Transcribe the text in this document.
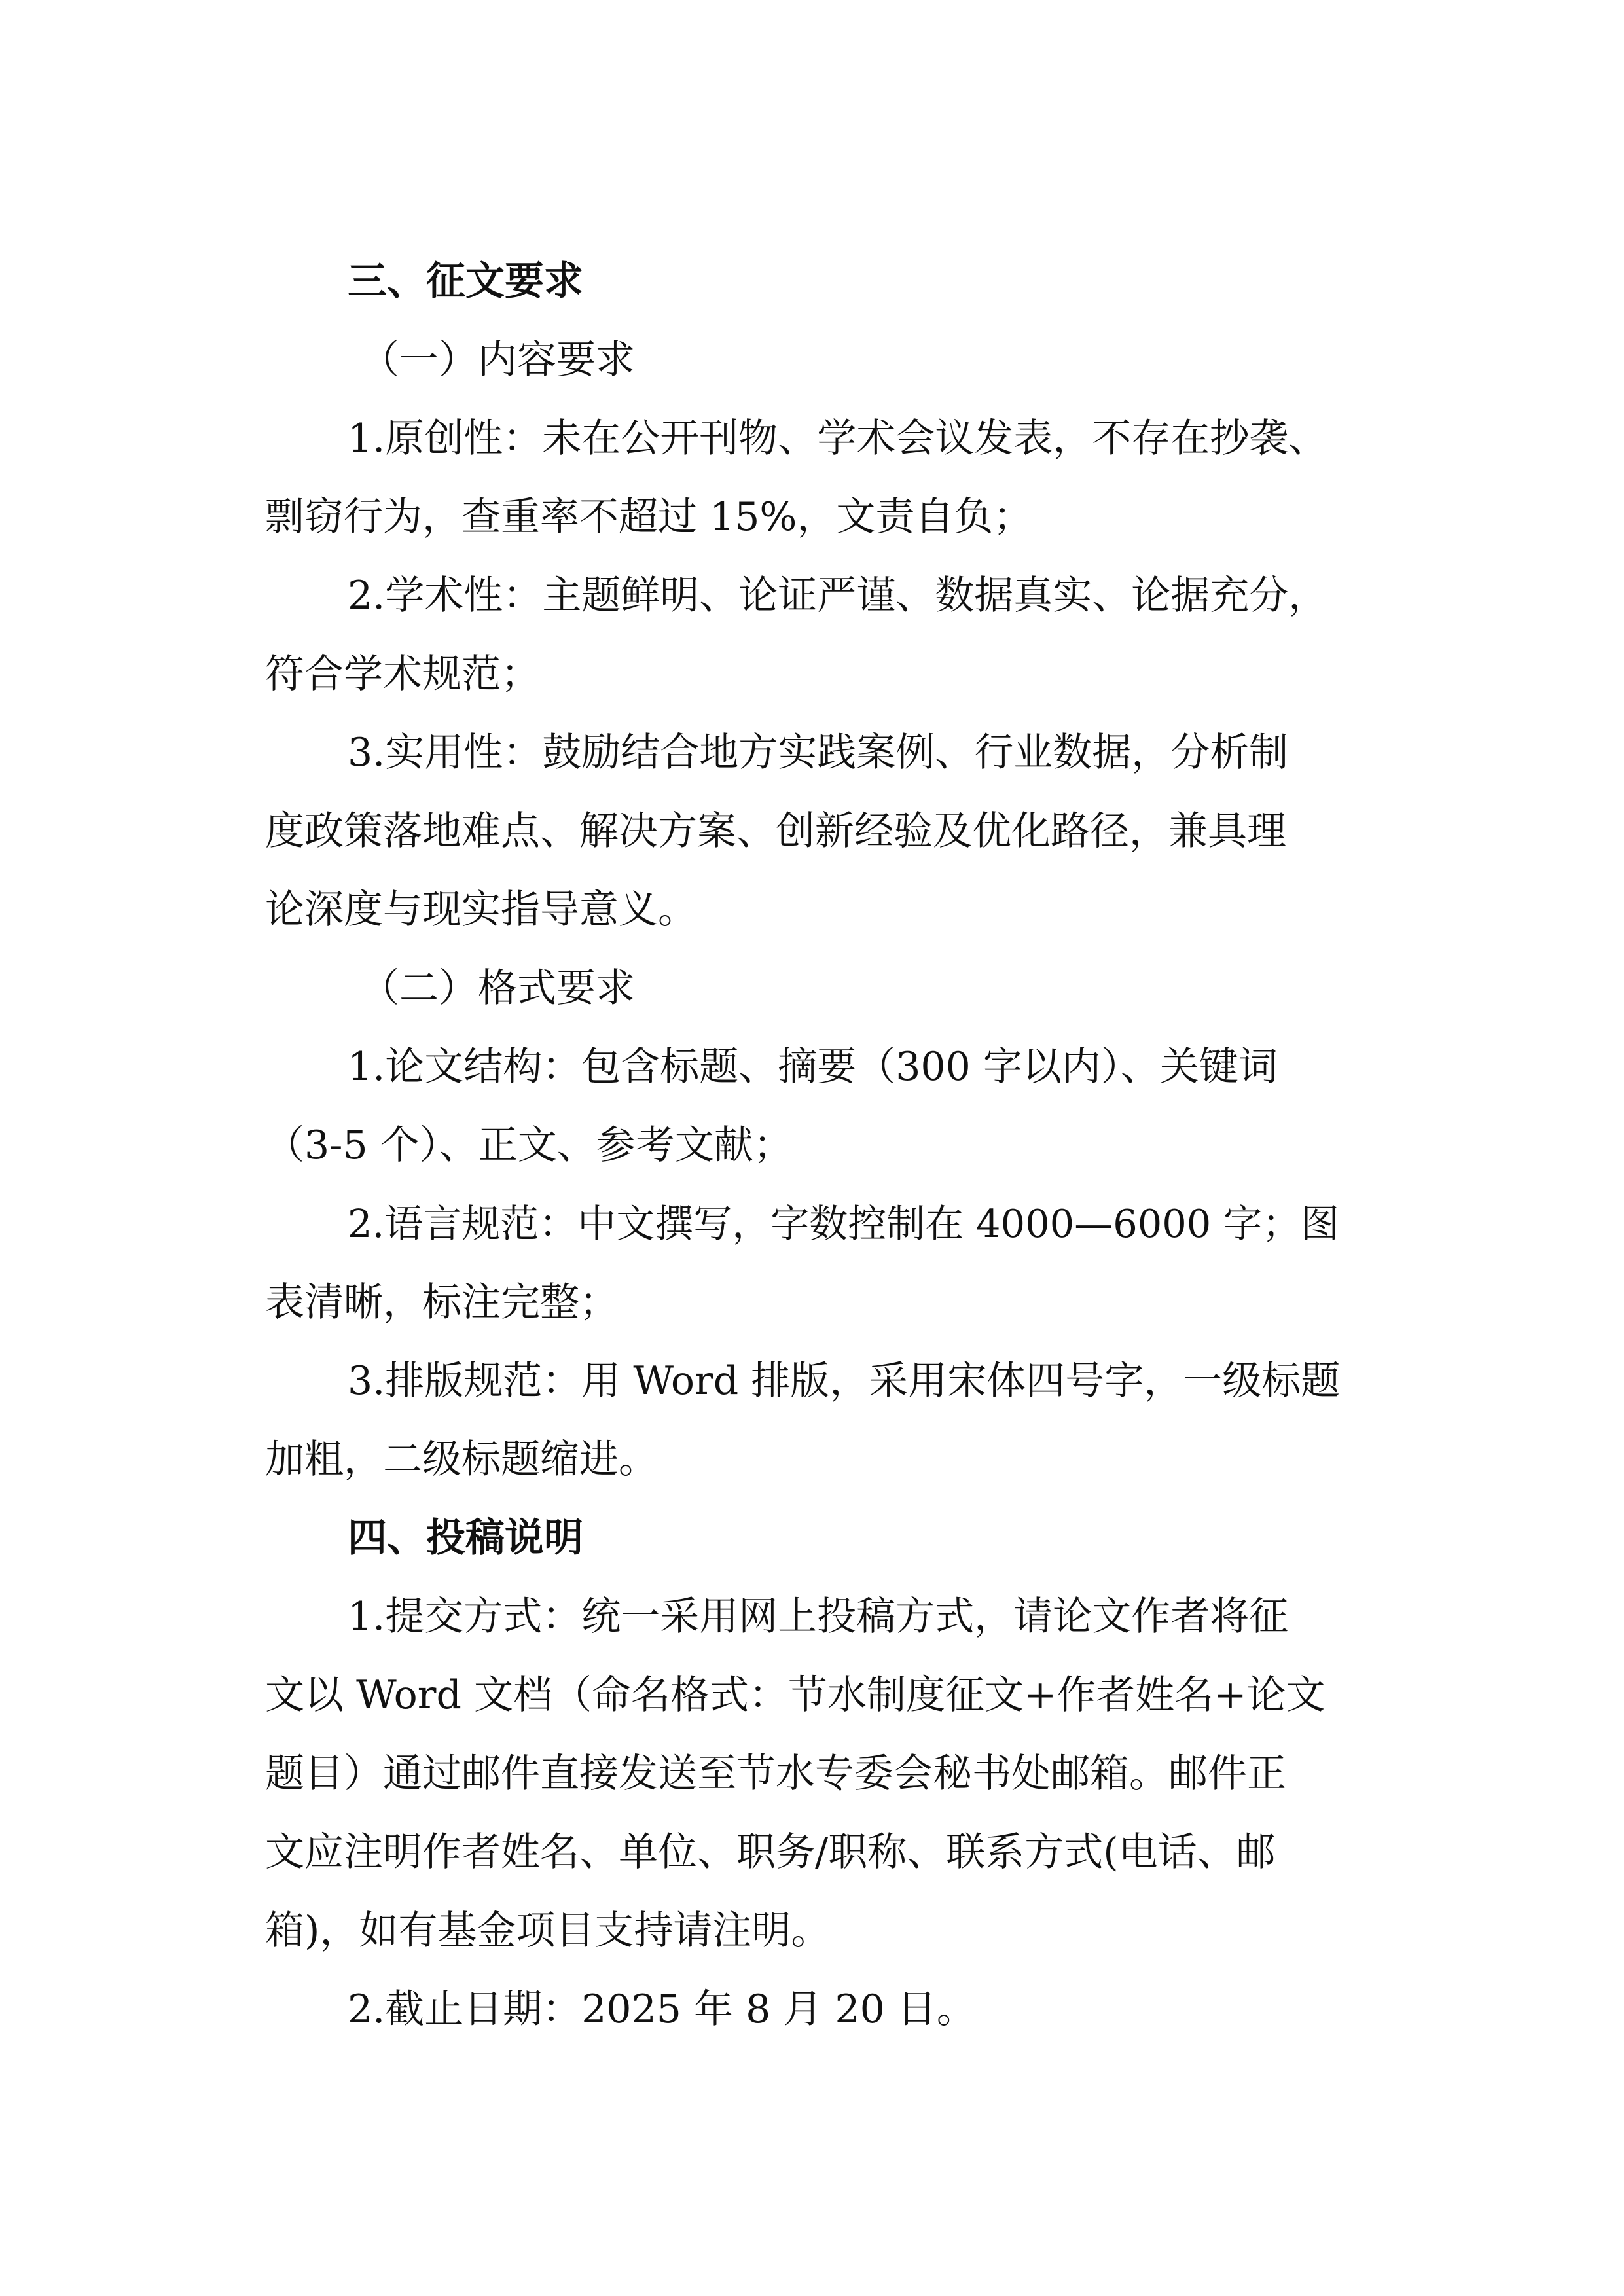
三、征文要求
（一）内容要求
1.原创性：未在公开刊物、学术会议发表，不存在抄袭、
剽窃行为，查重率不超过 15%，文责自负；
2.学术性：主题鲜明、论证严谨、数据真实、论据充分，
符合学术规范；
3.实用性：鼓励结合地方实践案例、行业数据，分析制
度政策落地难点、解决方案、创新经验及优化路径，兼具理
论深度与现实指导意义。
（二）格式要求
1.论文结构：包含标题、摘要（300 字以内）、关键词
（3-5 个）、正文、参考文献；
2.语言规范：中文撰写，字数控制在 4000—6000 字；图
表清晰，标注完整；
3.排版规范：用 Word 排版，采用宋体四号字，一级标题
加粗，二级标题缩进。
四、投稿说明
1.提交方式：统一采用网上投稿方式，请论文作者将征
文以 Word 文档（命名格式：节水制度征文+作者姓名+论文
题目）通过邮件直接发送至节水专委会秘书处邮箱。邮件正
文应注明作者姓名、单位、职务/职称、联系方式(电话、邮
箱)，如有基金项目支持请注明。
2.截止日期：2025 年 8 月 20 日。
